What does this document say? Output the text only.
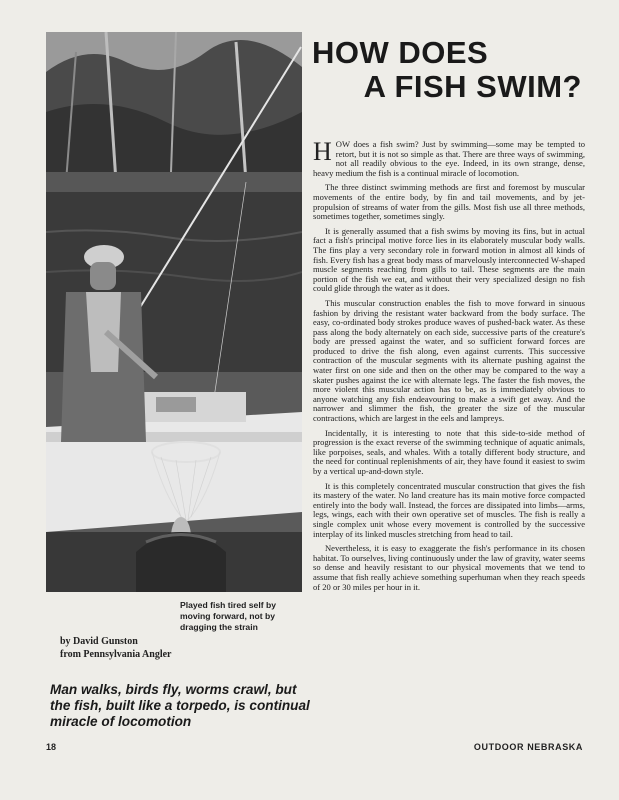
Played fish tired self by moving forward, not by dragging the strain
by David Gunston
from Pennsylvania Angler
Man walks, birds fly, worms crawl, but the fish, built like a torpedo, is continual miracle of locomotion
HOW DOES
A FISH SWIM?

HOW does a fish swim? Just by swimming—some may be tempted to retort, but it is not so simple as that. There are three ways of swimming, not all readily obvious to the eye. Indeed, in its own strange, dense, heavy medium the fish is a continual miracle of locomotion.

The three distinct swimming methods are first and foremost by muscular movements of the entire body, by fin and tail movements, and by jet- propulsion of streams of water from the gills. Most fish use all three methods, sometimes together, sometimes singly.

It is generally assumed that a fish swims by moving its fins, but in actual fact a fish's principal motive force lies in its elaborately muscular body walls. The fins play a very secondary role in forward motion in almost all kinds of fish. Every fish has a great body mass of marvelously interconnected W-shaped muscle segments reaching from gills to tail. These segments are the main portion of the fish we eat, and without their very specialized design no fish could glide through the water as it does.

This muscular construction enables the fish to move forward in sinuous fashion by driving the resistant water backward from the body surface. The easy, co-ordinated body strokes produce waves of pushed-back water. As these pass along the body alternately on each side, successive parts of the creature's body are pressed against the water, and so sufficient forward forces are produced to drive the fish along, even against currents. This successive contraction of the muscular segments with its alternate pushing against the water first on one side and then on the other may be compared to the way a skater pushes against the ice with alternate legs. The faster the fish moves, the more violent this muscular action has to be, as is immediately obvious to anyone watching any fish endeavouring to make a swift get away. And the narrower and slimmer the fish, the greater the size of the muscular contractions, which are largest in the eels and lampreys.

Incidentally, it is interesting to note that this side-to-side method of progression is the exact reverse of the swimming technique of aquatic animals, like porpoises, seals, and whales. With a totally different body structure, and the need for continual replenishments of air, they have found it easiest to swim by a vertical up-and-down style.

It is this completely concentrated muscular construction that gives the fish its mastery of the water. No land creature has its main motive force compacted entirely into the body wall. Instead, the forces are dissipated into limbs—arms, legs, wings, each with their own operative set of muscles. The fish is really a single complex unit whose every movement is controlled by the successive interplay of its linked muscles stretching from head to tail.

Nevertheless, it is easy to exaggerate the fish's performance in its chosen habitat. To ourselves, living continuously under the law of gravity, water seems so dense and heavily resistant to our physical movements that we tend to assume that fish really achieve something superhuman when they reach speeds of 20 or 30 miles per hour in it.

18	OUTDOOR NEBRASKA
